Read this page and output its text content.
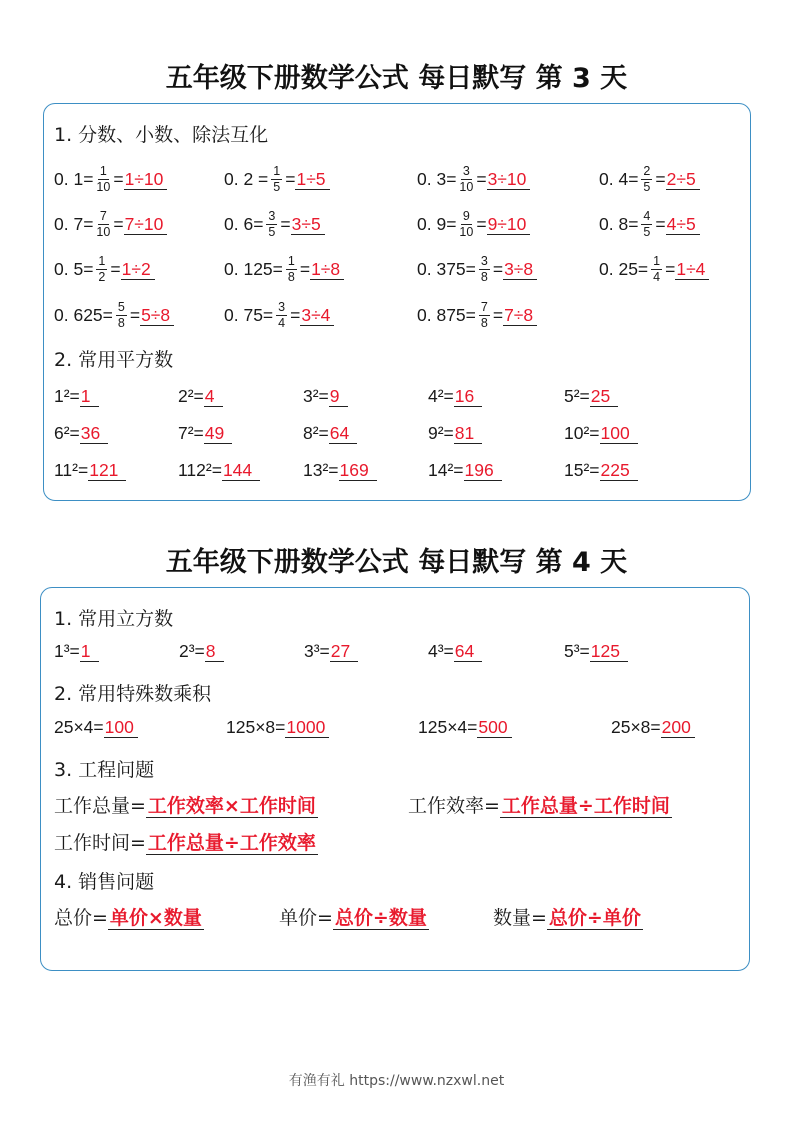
五年级下册数学公式 每日默写 第 3 天
1. 分数、小数、除法互化
0. $1= \frac{1}{10} = 1\div 10$	0. $2 = \frac{1}{5} = 1\div 5$	0. $3= \frac{3}{10} = 3\div 10$	0. $4= \frac{2}{5} = 2\div 5$
0. $7= \frac{7}{10} = 7\div 10$	0. $6= \frac{3}{5} = 3\div 5$	0. $9= \frac{9}{10} = 9\div 10$	0. $8= \frac{4}{5} = 4\div 5$
0. $5= \frac{1}{2} = 1\div 2$	0. $125= \frac{1}{8} = 1\div 8$	0. $375= \frac{3}{8} = 3\div 8$	0. $25= \frac{1}{4} = 1\div 4$
0. $625= \frac{5}{8} = 5\div 8$	0. $75= \frac{3}{4} = 3\div 4$	0. $875= \frac{7}{8} = 7\div 8$
2. 常用平方数
1²=1	2²=4	3²=9	4²=16	5²=25
6²=36	7²=49	8²=64	9²=81	10²=100
11²=121	112²=144	13²=169	14²=196	15²=225
五年级下册数学公式 每日默写 第 4 天
1. 常用立方数
1³=1	2³=8	3³=27	4³=64	5³=125
2. 常用特殊数乘积
25×4=100	125×8=1000	125×4=500	25×8=200
3. 工程问题
工作总量= 工作效率×工作时间	工作效率= 工作总量÷工作时间
工作时间= 工作总量÷工作效率
4. 销售问题
总价= 单价×数量	单价= 总价÷数量	数量= 总价÷单价
有渔有礼 https://www.nzxwl.net
